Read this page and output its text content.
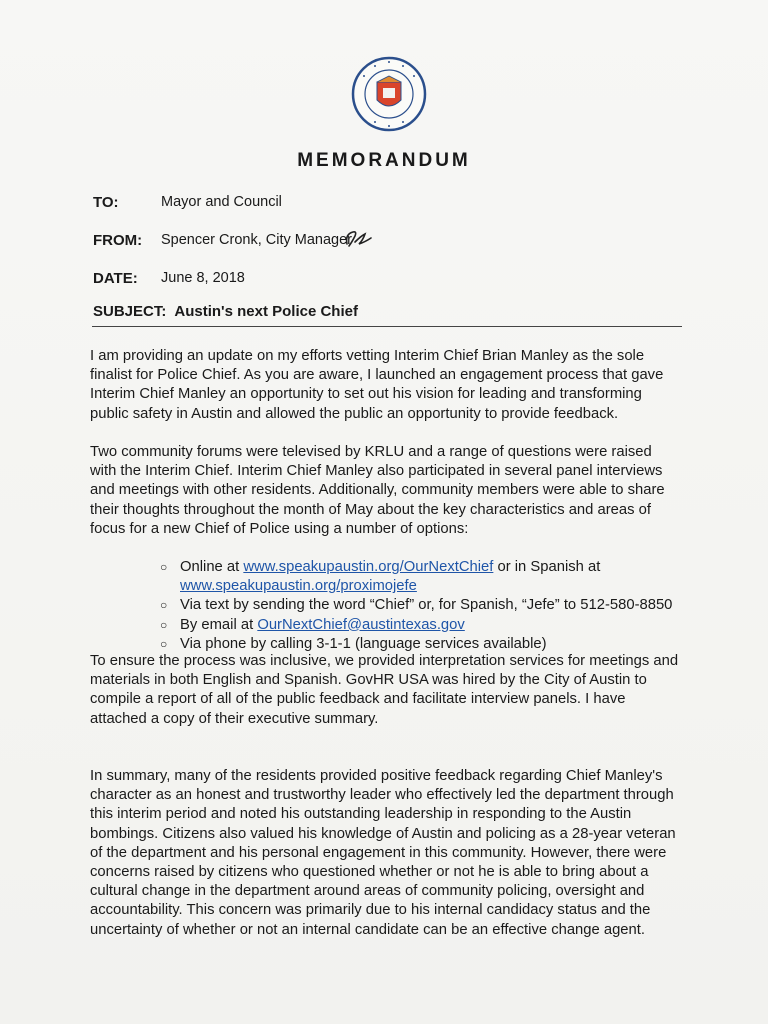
MEMORANDUM
TO:	Mayor and Council
FROM: Spencer Cronk, City Manager
DATE: June 8, 2018
SUBJECT: Austin's next Police Chief
I am providing an update on my efforts vetting Interim Chief Brian Manley as the sole finalist for Police Chief. As you are aware, I launched an engagement process that gave Interim Chief Manley an opportunity to set out his vision for leading and transforming public safety in Austin and allowed the public an opportunity to provide feedback.
Two community forums were televised by KRLU and a range of questions were raised with the Interim Chief. Interim Chief Manley also participated in several panel interviews and meetings with other residents. Additionally, community members were able to share their thoughts throughout the month of May about the key characteristics and areas of focus for a new Chief of Police using a number of options:
○ Online at www.speakupaustin.org/OurNextChief or in Spanish at
www.speakupaustin.org/proximojefe
○ Via text by sending the word “Chief” or, for Spanish, “Jefe” to 512-580-8850
○ By email at OurNextChief@austintexas.gov
○ Via phone by calling 3-1-1 (language services available)
To ensure the process was inclusive, we provided interpretation services for meetings and materials in both English and Spanish. GovHR USA was hired by the City of Austin to compile a report of all of the public feedback and facilitate interview panels. I have attached a copy of their executive summary.
In summary, many of the residents provided positive feedback regarding Chief Manley's character as an honest and trustworthy leader who effectively led the department through this interim period and noted his outstanding leadership in responding to the Austin bombings. Citizens also valued his knowledge of Austin and policing as a 28-year veteran of the department and his personal engagement in this community. However, there were concerns raised by citizens who questioned whether or not he is able to bring about a cultural change in the department around areas of community policing, oversight and accountability. This concern was primarily due to his internal candidacy status and the uncertainty of whether or not an internal candidate can be an effective change agent.
